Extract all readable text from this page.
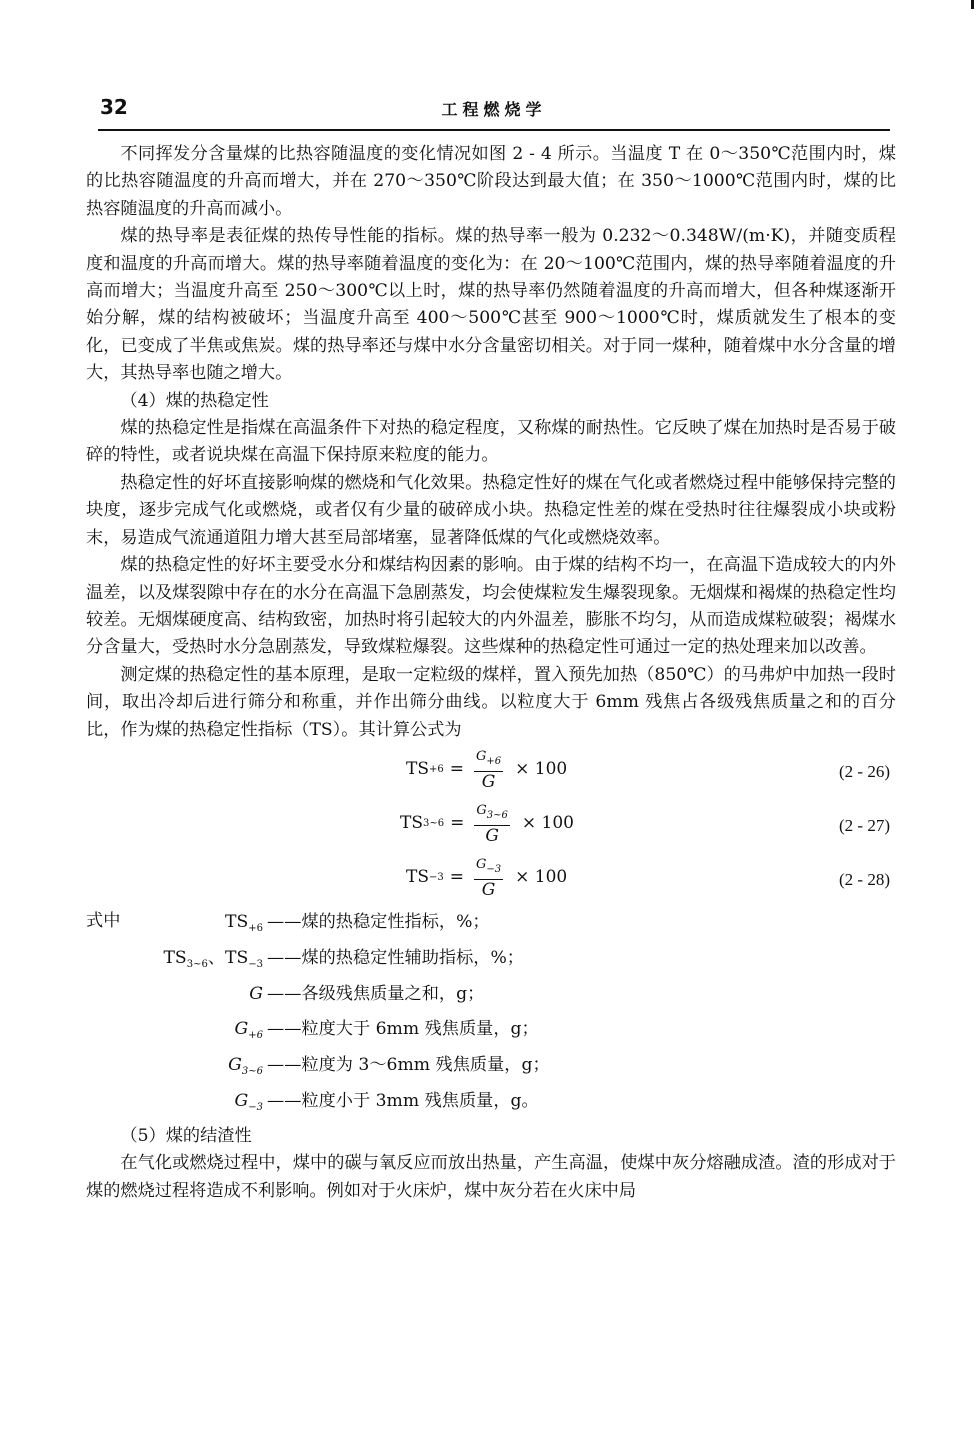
32	工程燃烧学

不同挥发分含量煤的比热容随温度的变化情况如图 2 - 4 所示。当温度 T 在 0～350℃范围内时，煤的比热容随温度的升高而增大，并在 270～350℃阶段达到最大值；在 350～1000℃范围内时，煤的比热容随温度的升高而减小。

煤的热导率是表征煤的热传导性能的指标。煤的热导率一般为 0.232～0.348W/(m·K)，并随变质程度和温度的升高而增大。煤的热导率随着温度的变化为：在 20～100℃范围内，煤的热导率随着温度的升高而增大；当温度升高至 250～300℃以上时，煤的热导率仍然随着温度的升高而增大，但各种煤逐渐开始分解，煤的结构被破坏；当温度升高至 400～500℃甚至 900～1000℃时，煤质就发生了根本的变化，已变成了半焦或焦炭。煤的热导率还与煤中水分含量密切相关。对于同一煤种，随着煤中水分含量的增大，其热导率也随之增大。

（4）煤的热稳定性

煤的热稳定性是指煤在高温条件下对热的稳定程度，又称煤的耐热性。它反映了煤在加热时是否易于破碎的特性，或者说块煤在高温下保持原来粒度的能力。

热稳定性的好坏直接影响煤的燃烧和气化效果。热稳定性好的煤在气化或者燃烧过程中能够保持完整的块度，逐步完成气化或燃烧，或者仅有少量的破碎成小块。热稳定性差的煤在受热时往往爆裂成小块或粉末，易造成气流通道阻力增大甚至局部堵塞，显著降低煤的气化或燃烧效率。

煤的热稳定性的好坏主要受水分和煤结构因素的影响。由于煤的结构不均一，在高温下造成较大的内外温差，以及煤裂隙中存在的水分在高温下急剧蒸发，均会使煤粒发生爆裂现象。无烟煤和褐煤的热稳定性均较差。无烟煤硬度高、结构致密，加热时将引起较大的内外温差，膨胀不均匀，从而造成煤粒破裂；褐煤水分含量大，受热时水分急剧蒸发，导致煤粒爆裂。这些煤种的热稳定性可通过一定的热处理来加以改善。

测定煤的热稳定性的基本原理，是取一定粒级的煤样，置入预先加热（850℃）的马弗炉中加热一段时间，取出冷却后进行筛分和称重，并作出筛分曲线。以粒度大于 6mm 残焦占各级残焦质量之和的百分比，作为煤的热稳定性指标（TS）。其计算公式为

TS $+6 = \frac{G_{+6}}{G} \times 100$	(2 - 26)
TS 3~6 = $\frac{G_{3\sim 6}}{G} \times 100$	(2 - 27)
TS $-3 = \frac{G_{-3}}{G} \times 100$	(2 - 28)
式中	$TS_{+6}$ ——煤的热稳定性指标，%；
$TS_{3\sim 6}$、$TS_{-3}$ ——煤的热稳定性辅助指标，%；
G ——各级残焦质量之和，g；
$G_{+6}$ ——粒度大于 6mm 残焦质量，g；
$G_{3\sim 6}$ ——粒度为 3～6mm 残焦质量，g；
$G_{-3}$ ——粒度小于 3mm 残焦质量，g。

（5）煤的结渣性

在气化或燃烧过程中，煤中的碳与氧反应而放出热量，产生高温，使煤中灰分熔融成渣。渣的形成对于煤的燃烧过程将造成不利影响。例如对于火床炉，煤中灰分若在火床中局
